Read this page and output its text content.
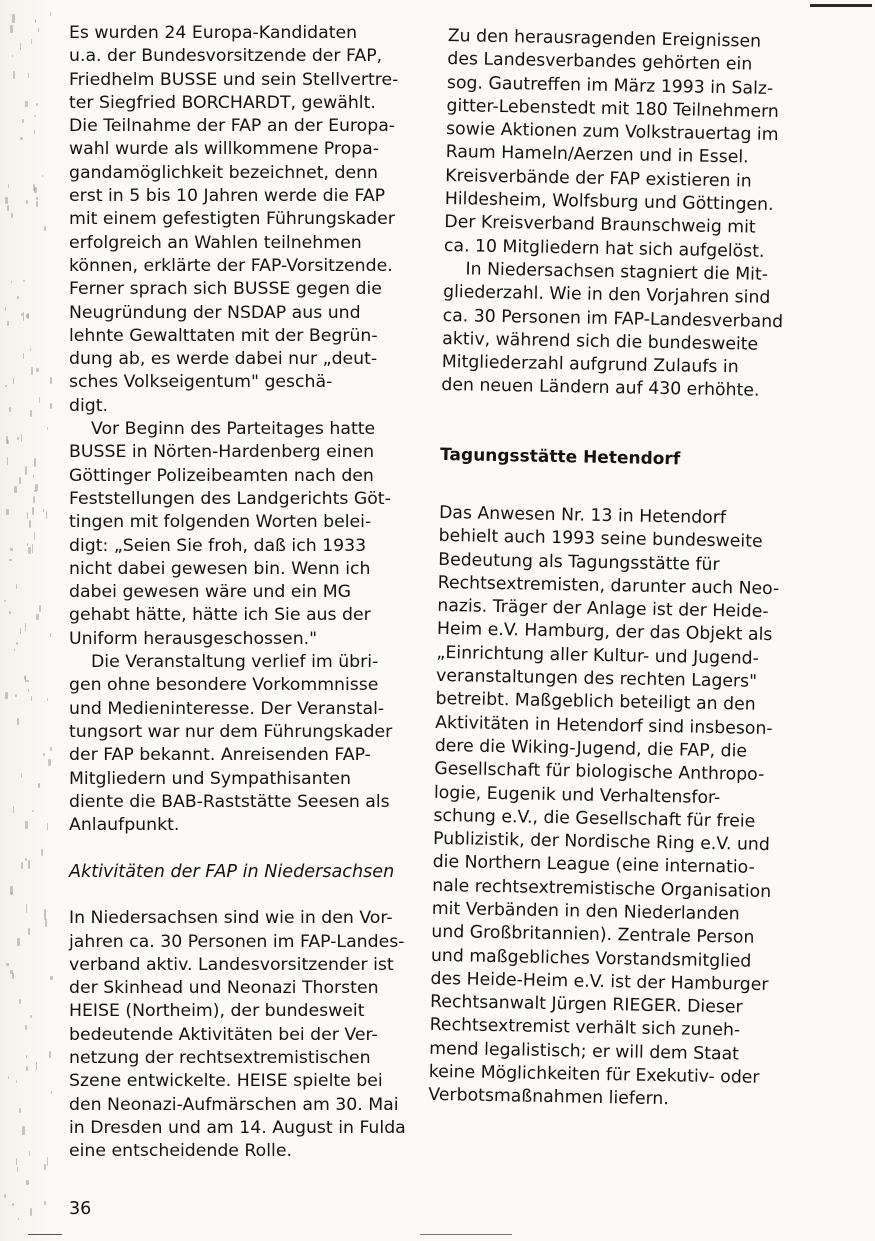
Es wurden 24 Europa-Kandidaten
u.a. der Bundesvorsitzende der FAP,
Friedhelm BUSSE und sein Stellvertre-
ter Siegfried BORCHARDT, gewählt.
Die Teilnahme der FAP an der Europa-
wahl wurde als willkommene Propa-
gandamöglichkeit bezeichnet, denn
erst in 5 bis 10 Jahren werde die FAP
mit einem gefestigten Führungskader
erfolgreich an Wahlen teilnehmen
können, erklärte der FAP-Vorsitzende.
Ferner sprach sich BUSSE gegen die
Neugründung der NSDAP aus und
lehnte Gewalttaten mit der Begrün-
dung ab, es werde dabei nur „deut-
sches Volkseigentum" geschä-
digt.
Vor Beginn des Parteitages hatte
BUSSE in Nörten-Hardenberg einen
Göttinger Polizeibeamten nach den
Feststellungen des Landgerichts Göt-
tingen mit folgenden Worten belei-
digt: „Seien Sie froh, daß ich 1933
nicht dabei gewesen bin. Wenn ich
dabei gewesen wäre und ein MG
gehabt hätte, hätte ich Sie aus der
Uniform herausgeschossen."
Die Veranstaltung verlief im übri-
gen ohne besondere Vorkommnisse
und Medieninteresse. Der Veranstal-
tungsort war nur dem Führungskader
der FAP bekannt. Anreisenden FAP-
Mitgliedern und Sympathisanten
diente die BAB-Raststätte Seesen als
Anlaufpunkt.
Aktivitäten der FAP in Niedersachsen
In Niedersachsen sind wie in den Vor-
jahren ca. 30 Personen im FAP-Landes-
verband aktiv. Landesvorsitzender ist
der Skinhead und Neonazi Thorsten
HEISE (Northeim), der bundesweit
bedeutende Aktivitäten bei der Ver-
netzung der rechtsextremistischen
Szene entwickelte. HEISE spielte bei
den Neonazi-Aufmärschen am 30. Mai
in Dresden und am 14. August in Fulda
eine entscheidende Rolle.
Zu den herausragenden Ereignissen
des Landesverbandes gehörten ein
sog. Gautreffen im März 1993 in Salz-
gitter-Lebenstedt mit 180 Teilnehmern
sowie Aktionen zum Volkstrauertag im
Raum Hameln/Aerzen und in Essel.
Kreisverbände der FAP existieren in
Hildesheim, Wolfsburg und Göttingen.
Der Kreisverband Braunschweig mit
ca. 10 Mitgliedern hat sich aufgelöst.
In Niedersachsen stagniert die Mit-
gliederzahl. Wie in den Vorjahren sind
ca. 30 Personen im FAP-Landesverband
aktiv, während sich die bundesweite
Mitgliederzahl aufgrund Zulaufs in
den neuen Ländern auf 430 erhöhte.
Tagungsstätte Hetendorf
Das Anwesen Nr. 13 in Hetendorf
behielt auch 1993 seine bundesweite
Bedeutung als Tagungsstätte für
Rechtsextremisten, darunter auch Neo-
nazis. Träger der Anlage ist der Heide-
Heim e.V. Hamburg, der das Objekt als
„Einrichtung aller Kultur- und Jugend-
veranstaltungen des rechten Lagers"
betreibt. Maßgeblich beteiligt an den
Aktivitäten in Hetendorf sind insbeson-
dere die Wiking-Jugend, die FAP, die
Gesellschaft für biologische Anthropo-
logie, Eugenik und Verhaltensfor-
schung e.V., die Gesellschaft für freie
Publizistik, der Nordische Ring e.V. und
die Northern League (eine internatio-
nale rechtsextremistische Organisation
mit Verbänden in den Niederlanden
und Großbritannien). Zentrale Person
und maßgebliches Vorstandsmitglied
des Heide-Heim e.V. ist der Hamburger
Rechtsanwalt Jürgen RIEGER. Dieser
Rechtsextremist verhält sich zuneh-
mend legalistisch; er will dem Staat
keine Möglichkeiten für Exekutiv- oder
Verbotsmaßnahmen liefern.
36
